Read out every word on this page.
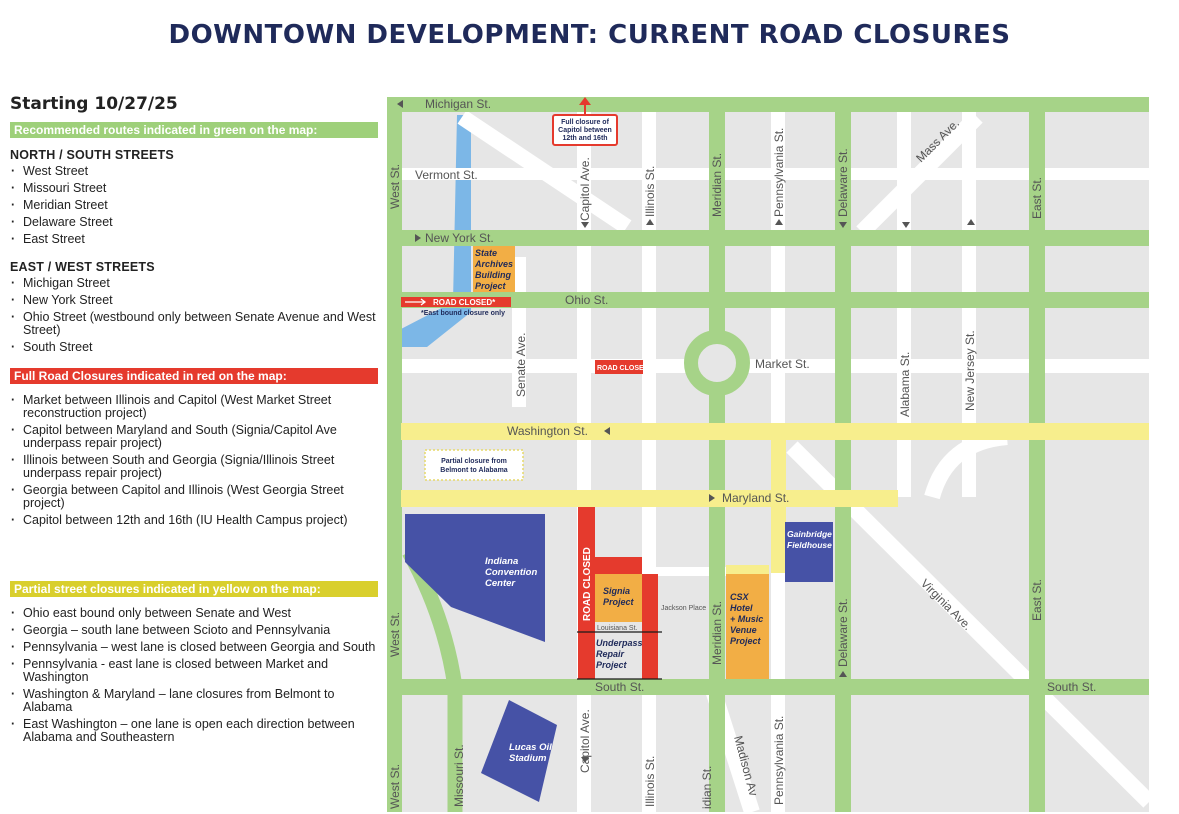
DOWNTOWN DEVELOPMENT: CURRENT ROAD CLOSURES
Starting 10/27/25
Recommended routes indicated in green on the map:
NORTH / SOUTH STREETS
· West Street
· Missouri Street
· Meridian Street
· Delaware Street
· East Street
EAST / WEST STREETS
· Michigan Street
· New York Street
· Ohio Street (westbound only between Senate Avenue and West Street)
· South Street
Full Road Closures indicated in red on the map:
· Market between Illinois and Capitol (West Market Street reconstruction project)
· Capitol between Maryland and South (Signia/Capitol Ave underpass repair project)
· Illinois between South and Georgia (Signia/Illinois Street underpass repair project)
· Georgia between Capitol and Illinois (West Georgia Street project)
· Capitol between 12th and 16th (IU Health Campus project)
Partial street closures indicated in yellow on the map:
· Ohio east bound only between Senate and West
· Georgia – south lane between Scioto and Pennsylvania
· Pennsylvania – west lane is closed between Georgia and South
· Pennsylvania - east lane is closed between Market and Washington
· Washington & Maryland – lane closures from Belmont to Alabama
· East Washington – one lane is open each direction between Alabama and Southeastern
Michigan St.
Vermont St.
New York St.
Ohio St.
Market St.
Washington St.
Maryland St.
South St.	South St.
West St.
West St.
West St.
Capitol Ave.
Capitol Ave.
Illinois St.
Illinois St.
Meridian St.
Meridian St.
idian St.
Pennsylvania St.
Pennsylvania St.
Delaware St.
Delaware St.
East St.
East St.
Senate Ave.	Alabama St.	New Jersey St.
Mass Ave.
Virginia Ave.
Missouri St.	Madison Av
Jackson Place
Louisiana St.
ROAD CLOSED
ROAD CLOSED
ROAD CLOSED*
*East bound closure only
Full closure of
Capitol between
12th and 16th
Partial closure from
Belmont to Alabama
Indiana
Convention
Center
Lucas Oil
Stadium
Gainbridge
Fieldhouse
State
Archives
Building
Project
Signia
Project
Underpass
Repair
Project
CSX
Hotel
+ Music
Venue
Project
